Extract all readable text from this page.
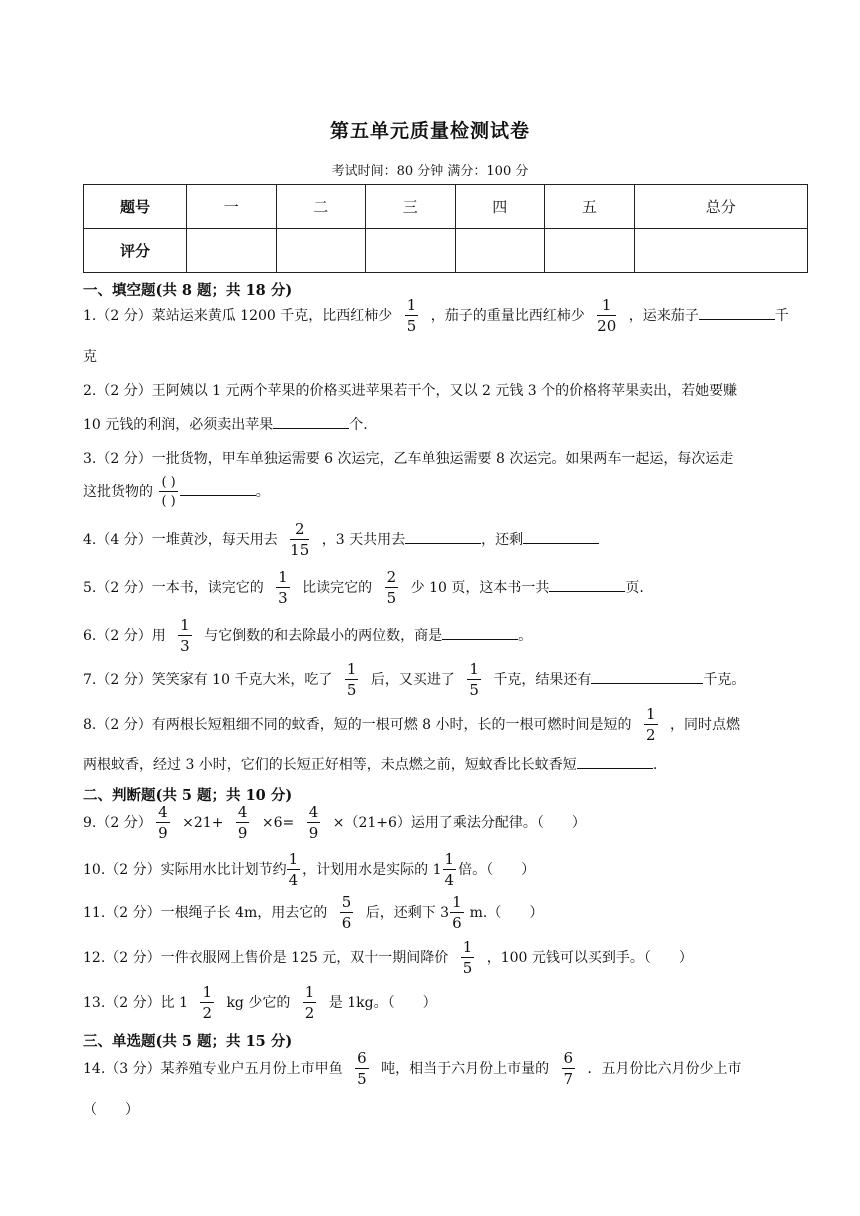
第五单元质量检测试卷
考试时间：80 分钟 满分：100 分
题号	一	二	三	四	五	总分
评分						
一、填空题(共 8 题；共 18 分)
1.（2 分）菜站运来黄瓜 1200 千克，比西红柿少 $\frac{1}{5}$ ，茄子的重量比西红柿少 $\frac{1}{20}$ ，运来茄子	千
克
2.（2 分）王阿姨以 1 元两个苹果的价格买进苹果若干个，又以 2 元钱 3 个的价格将苹果卖出，若她要赚
10 元钱的利润，必须卖出苹果	个.
3.（2 分）一批货物，甲车单独运需要 6 次运完，乙车单独运需要 8 次运完。如果两车一起运，每次运走
这批货物的 $\frac{( )}{( )}$	。
4.（4 分）一堆黄沙，每天用去 $\frac{2}{15}$ ，3 天共用去	，还剩
5.（2 分）一本书，读完它的 $\frac{1}{3}$ 比读完它的 $\frac{2}{5}$ 少 10 页，这本书一共	页.
6.（2 分）用 $\frac{1}{3}$ 与它倒数的和去除最小的两位数，商是	。
7.（2 分）笑笑家有 10 千克大米，吃了 $\frac{1}{5}$ 后，又买进了 $\frac{1}{5}$ 千克，结果还有	千克。
8.（2 分）有两根长短粗细不同的蚊香，短的一根可燃 8 小时，长的一根可燃时间是短的 $\frac{1}{2}$ ，同时点燃
两根蚊香，经过 3 小时，它们的长短正好相等，未点燃之前，短蚊香比长蚊香短	.
二、判断题(共 5 题；共 10 分)
9.（2 分） $\frac{4}{9} \times 21+ \frac{4}{9} \times 6= \frac{4}{9} \times(21+6)$运用了乘法分配律。（　　）
10.（2 分）实际用水比计划节约 $\frac{1}{4}$ ，计划用水是实际的 $1 \frac{1}{4}$ 倍。（　　）
11.（2 分）一根绳子长 4m，用去它的 $\frac{5}{6}$ 后，还剩下 $3 \frac{1}{6} m$.（　　）
12.（2 分）一件衣服网上售价是 125 元，双十一期间降价 $\frac{1}{5}$ ，100 元钱可以买到手。（　　）
13.（2 分）比 $1 \frac{1}{2}$ kg 少它的 $\frac{1}{2}$ 是 1kg。（　　）
三、单选题(共 5 题；共 15 分)
14.（3 分）某养殖专业户五月份上市甲鱼 $\frac{6}{5}$ 吨，相当于六月份上市量的 $\frac{6}{7}$ ．五月份比六月份少上市
（　　）
